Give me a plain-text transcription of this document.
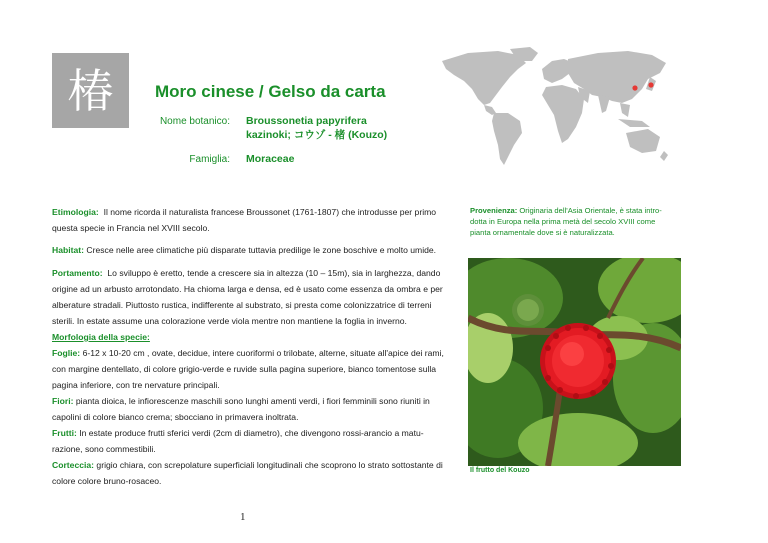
椿 Moro cinese / Gelso da carta
Nome botanico: Broussonetia papyrifera
kazinoki; コウゾ - 楮 (Kouzo)
Famiglia: Moraceae
Etimologia: Il nome ricorda il naturalista francese Broussonet (1761-1807) che introdusse per primo
questa specie in Francia nel XVIII secolo.
Habitat: Cresce nelle aree climatiche più disparate tuttavia predilige le zone boschive e molto umide.
Portamento: Lo sviluppo è eretto, tende a crescere sia in altezza (10 – 15m), sia in larghezza, dando
origine ad un arbusto arrotondato. Ha chioma larga e densa, ed è usato come essenza da ombra e per
alberature stradali. Piuttosto rustica, indifferente al substrato, si presta come colonizzatrice di terreni
sterili. In estate assume una colorazione verde viola mentre non mantiene la foglia in inverno.
Morfologia della specie:
Foglie: 6-12 x 10-20 cm , ovate, decidue, intere cuoriformi o trilobate, alterne, situate all'apice dei rami,
con margine dentellato, di colore grigio-verde e ruvide sulla pagina superiore, bianco tomentose sulla
pagina inferiore, con tre nervature principali.
Fiori: pianta dioica, le infiorescenze maschili sono lunghi amenti verdi, i fiori femminili sono riuniti in
capolini di colore bianco crema; sbocciano in primavera inoltrata.
Frutti: In estate produce frutti sferici verdi (2cm di diametro), che divengono rossi-arancio a matu-
razione, sono commestibili.
Corteccia: grigio chiara, con screpolature superficiali longitudinali che scoprono lo strato sottostante di
colore colore bruno-rosaceo.
Provenienza: Originaria dell'Asia Orientale, è stata intro-
dotta in Europa nella prima metà del secolo XVIII come
pianta ornamentale dove si è naturalizzata.
Il frutto del Kouzo
1
